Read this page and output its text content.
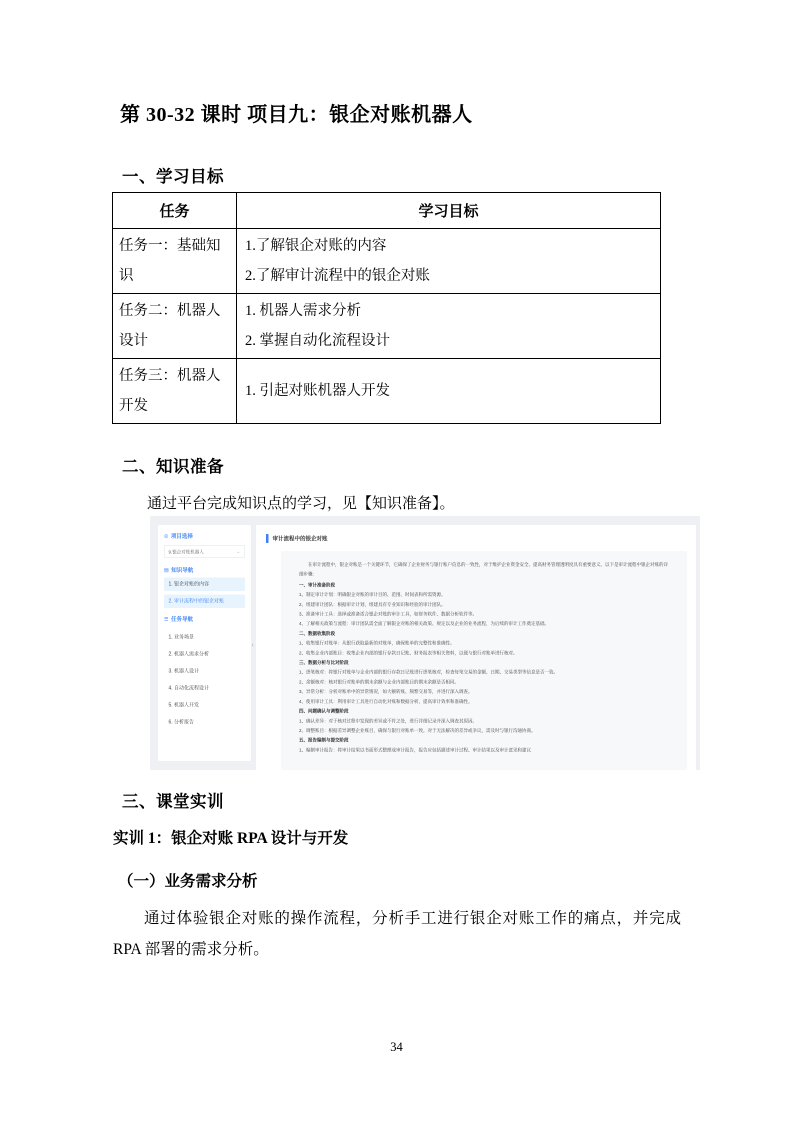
第 30-32 课时 项目九：银企对账机器人
一、学习目标
任务	学习目标
任务一：基础知识	1.了解银企对账的内容
2.了解审计流程中的银企对账

任务二：机器人设计	1. 机器人需求分析
2. 掌握自动化流程设计

任务三：机器人开发	1. 引起对账机器人开发
二、知识准备

通过平台完成知识点的学习，见【知识准备】。

◎ 项目选择
9.银企对账机器人	⌄
▤ 知识导航
1. 银企对账的内容
2. 审计流程中的银企对账
☰ 任务导航
1. 业务场景
2. 机器人需求分析
3. 机器人设计
4. 自动化流程设计
5. 机器人开发
6. 分析报告
‹
审计流程中的银企对账
在审计流程中，银企对账是一个关键环节，它确保了企业财务与银行账户信息的一致性，对于维护企业资金安全、提高财务管理透明度具有重要意义。以下是审计流程中银企对账的详细步骤：
一、审计准备阶段
1、制定审计计划：明确银企对账的审计目的、范围、时间表和所需资源。
2、组建审计团队：根据审计计划，组建具有专业知识和经验的审计团队。
3、准备审计工具：选择或准备适合银企对账的审计工具，如财务软件、数据分析软件等。
4、了解相关政策与流程：审计团队需全面了解银企对账的相关政策、规定以及企业的业务流程，为后续的审计工作奠定基础。
二、数据收集阶段
1、收集银行对账单：从银行获取最新的对账单，确保账单的完整性和准确性。
2、收集企业内部账目：收集企业内部的银行存款日记账、财务报表等相关资料，以便与银行对账单进行核对。
三、数据分析与比对阶段
1、逐笔核对：将银行对账单与企业内部的银行存款日记账进行逐笔核对，检查每笔交易的金额、日期、交易类型等信息是否一致。
2、余额核对：核对银行对账单的期末余额与企业内部账目的期末余额是否相同。
3、异常分析：分析对账单中的异常情况，如大额转账、频繁交易等，并进行深入调查。
4、使用审计工具：利用审计工具进行自动化对账和数据分析，提高审计效率和准确性。
四、问题确认与调整阶段
1、确认差异：对于核对过程中发现的差异或不符之处，进行详细记录并深入调查其原因。
2、调整账目：根据差异调整企业账目，确保与银行对账单一致。对于无法解决的差异或争议，需及时与银行沟通协商。
五、报告编制与提交阶段
1、编制审计报告：将审计结果以书面形式整理成审计报告，报告应包括描述审计过程、审计结果以及审计意见和建议
三、课堂实训
实训 1：银企对账 RPA 设计与开发
（一）业务需求分析

通过体验银企对账的操作流程，分析手工进行银企对账工作的痛点，并完成 RPA 部署的需求分析。

34
